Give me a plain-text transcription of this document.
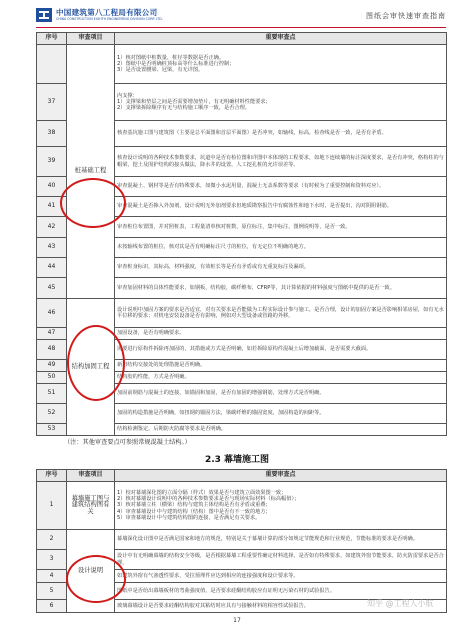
中国建筑第八工程局有限公司
CHINA CONSTRUCTION EIGHTH ENGINEERING DIVISION CORP. LTD.	图纸会审快速审查指南
序号	审查项目	重要审查点
	桩基础工程	1）核对图纸中桩数量，桩径等数据是否正确。
2）图纸中是否明确桩顶标高等什么标准进行控制；
3）是否设置腰梁、冠梁，有无详图。
37		内支撑：
1）支撑梁和垫层之间是否需要增加垫片，有无明确材料性能要求；
2）支撑梁拆除顺序有无与结构施工顺序一致，是否合理。
38		核查基坑施工图与建筑图（主要是总平面图和首层平面图）是否冲突，如轴线，标高，检查线是否一致，是否有矛盾。
39		核查设计说明的各种技术参数要求，坑道中是否有检位图和详图中本体现的工程要求，如地下连续墙的标注深度要求，是否有冲突，格构柱的与帽梁，挖土及围护结构的接头做法，降水井的设置，人工挖孔桩的允许误差等。
40		审查混凝土、钢材等是否有特殊要求，如微小水泥用量，混凝土无盖系数等要求（有时候为了重要控制和资料对应）。
41		审查混凝土是否掺入外加剂，设计说明无外加剂要求但地质勘察报告中有腐蚀性和地下水时，是否提出，沟对阴阻钢筋。
42		审查桩位布置图，并对照桩表，工程量清单核对桩数，原位标注，集中标注，图例说明等，是否一致。
43		未按轴线布置的桩位，核对其是否有明确标注尺寸的桩位，有无定位不明确的地方。
44		审查桩身标识，其标高，材料强度，有效桩长等是否有矛盾或有无重复标注及漏项。
45		审查加固材料的具体性能要求，如钢板，结构胶，碳纤维布，CFRP等，其计算依据的材料强度与图纸中提供的是否一致。
46	结构加固工程	设计说明中加固方案的要求是否适宜，对有关要求是否能做为工程实际设计参与施工，是否合理，设计的加固方案是否影响相邻房屋，如有无水平位移的要求；对机电安装设备是否有影响，例如对大型设备或管路的外移。
47		加固设备，是否有明确要求。
48		需要进行原构件拆除再加固的，其措施或方式是否明确，如若拆除原构件混凝土后增加截面，是否需要大截面。
49		新旧结构交接处的处理措施是否明确。
50		结构胶的性能，方式是否明确。
51		加固前钢筋与混凝土的连接，如锚固和加固，是否有加固的增强钢筋，处理方式是否明确。
52		加固的构造措施是否明确，如扭钢的锚固方法，梁碳纤维的锚固宽度，加固构造的间距等。
53		结构检测鉴定，后期防火防腐等要求是否明确。
（注：其他审查要点可参照常规混凝土结构。）
2.3 幕墙施工图
序号	审查项目	重要审查点
1	幕墙施工图与建筑结构图有关	1）校对幕墙深化图的立面分隔（样式）效果是否与建筑立面效果图一致；
2）核对幕墙设计说明中的各种技术参数要求是否与现场实际材料（标高幅值）；
3）核对幕墙立柱（横梁）结构与建筑主体结构是否有矛盾或重叠；
4）审查幕墙设计中与建筑结构（结构）图中是否有不一致的地方；
5）审查幕墙设计中与建筑结构图的连接，是否满足有关要求。
2	设计说明	幕墙深化设计图中是否满足国家和地方的规范，特别是关于幕墙计算的部分如规定节能规范和行业规范，节能标准的要求是否明确。
3		设计中有无明确幕墙的结构安全等级，是否根据幕墙工程重要性确定材料选择，是否如有特殊要求，如建筑外窗节能要求，防火防雷要求是否合理。
4		如建筑外窗有气渗透性要求，受拉预埋件应达到相应的连接强度和设计要求等。
5		图纸中是否给出幕墙板材的弯曲强度值，是否要求硅酮结构胶应有证明无污染石材的试验报告。
6		玻璃幕墙设计是否要求硅酮结构胶对其粘结时应具有与接触材料的相容性试验报告。	知乎 @工程人小航
17
